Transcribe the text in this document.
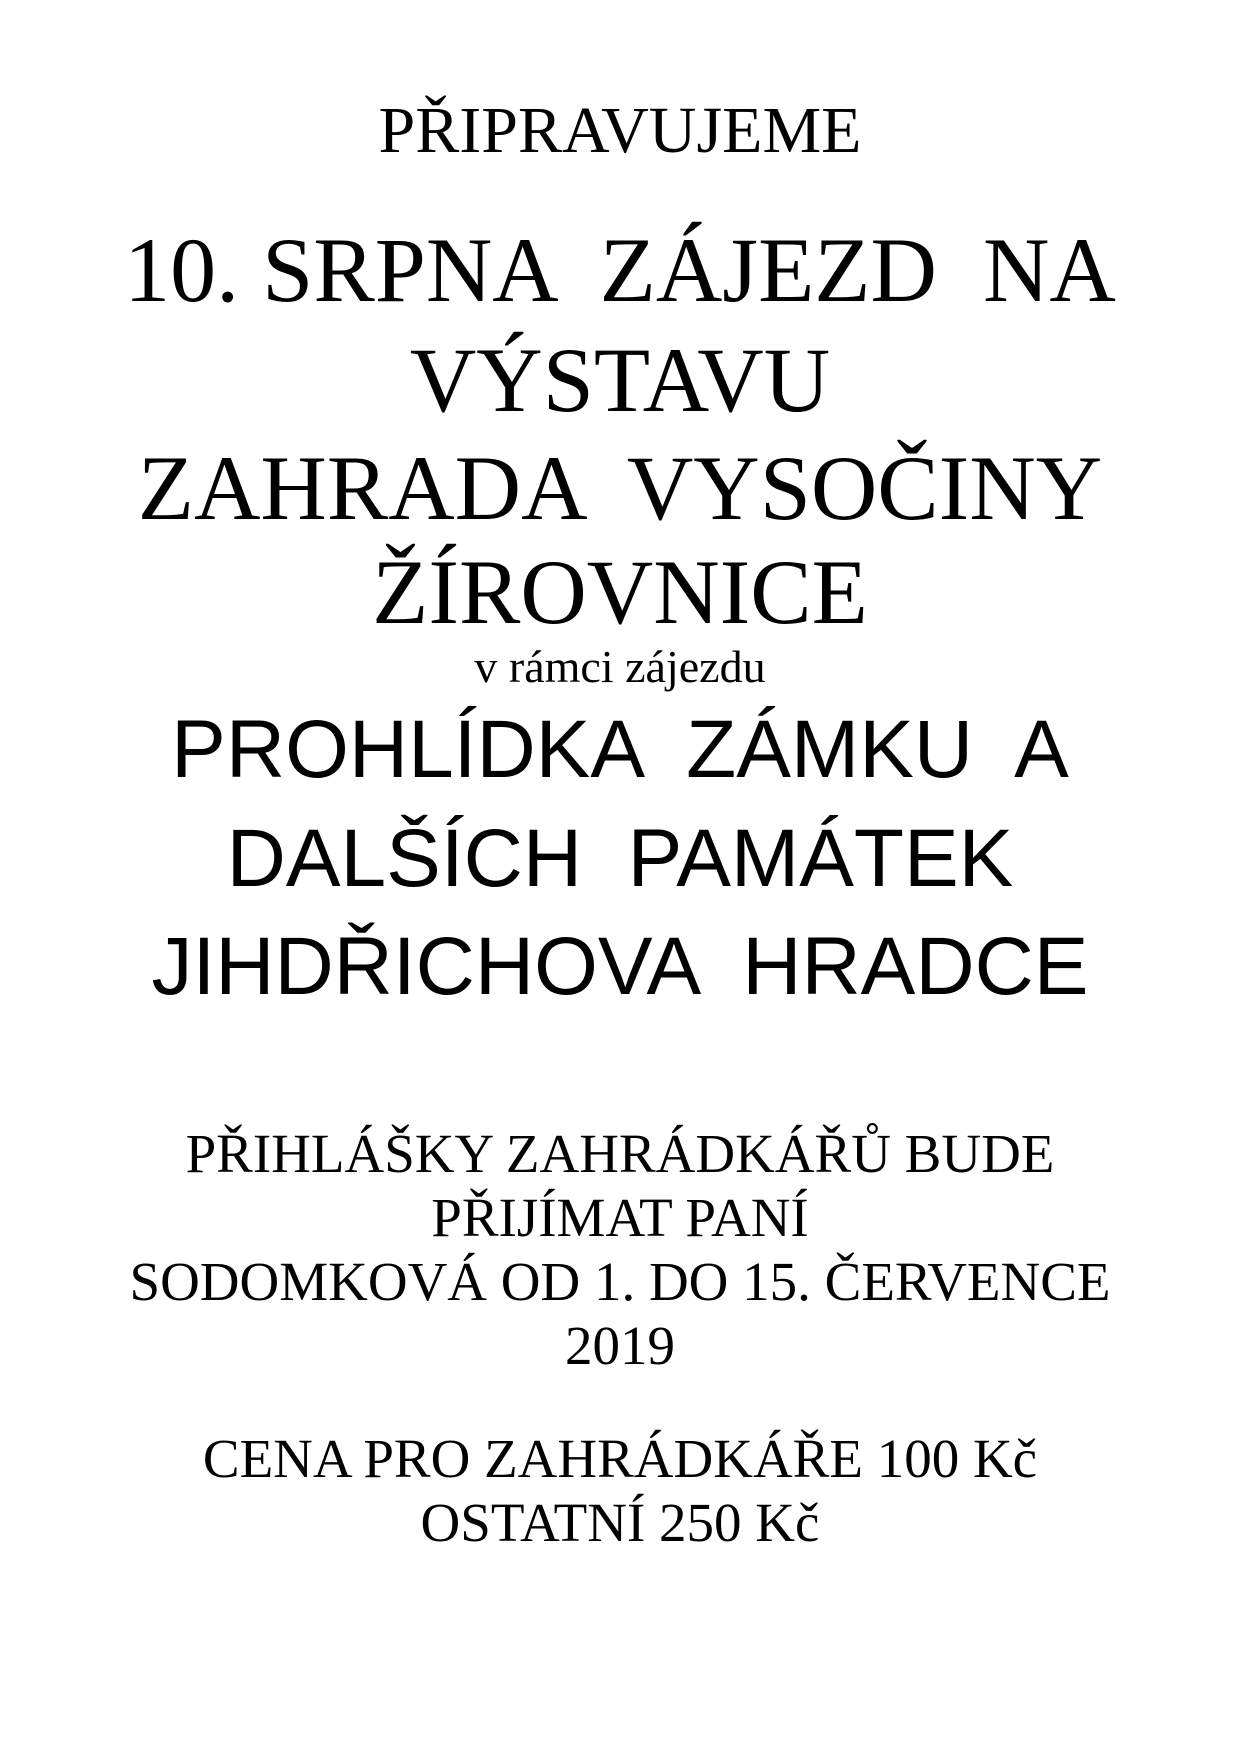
PŘIPRAVUJEME
10. SRPNA  ZÁJEZD  NA
VÝSTAVU
ZAHRADA  VYSOČINY
ŽÍROVNICE
v rámci zájezdu
PROHLÍDKA  ZÁMKU  A
DALŠÍCH  PAMÁTEK
JIHDŘICHOVA  HRADCE
PŘIHLÁŠKY ZAHRÁDKÁŘŮ BUDE
PŘIJÍMAT PANÍ
SODOMKOVÁ OD 1. DO 15. ČERVENCE
2019
CENA PRO ZAHRÁDKÁŘE 100 Kč
OSTATNÍ 250 Kč
